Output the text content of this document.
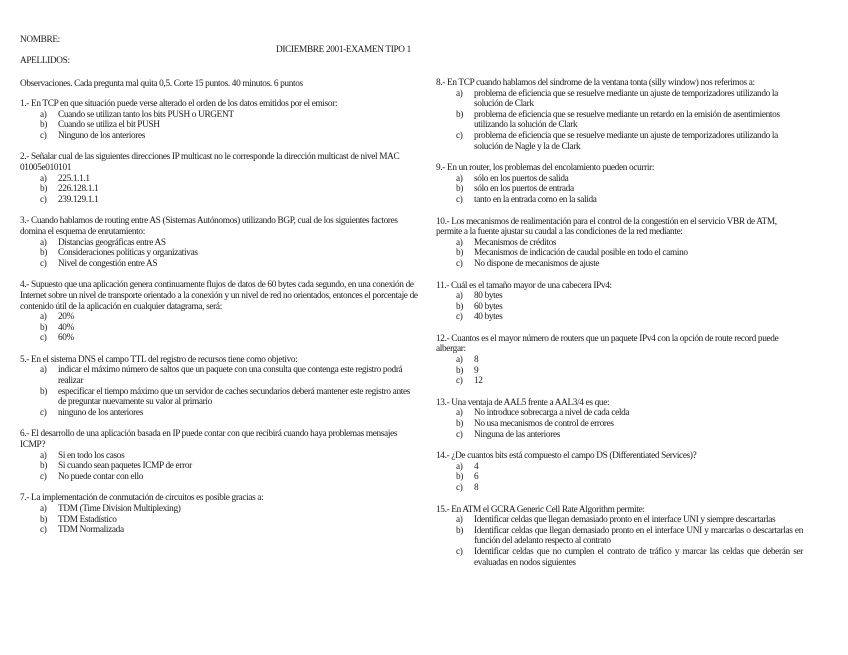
NOMBRE:
DICIEMBRE 2001-EXAMEN TIPO 1
APELLIDOS:
Observaciones. Cada pregunta mal quita 0,5. Corte 15 puntos. 40 minutos. 6 puntos
1.- En TCP en que situación puede verse alterado el orden de los datos emitidos por el emisor:
a)	Cuando se utilizan tanto los bits PUSH o URGENT
b)	Cuando se utiliza el bit PUSH
c)	Ninguno de los anteriores
2.- Señalar cual de las siguientes direcciones IP multicast no le corresponde la dirección multicast de nivel MAC 01005e010101
a)	225.1.1.1
b)	226.128.1.1
c)	239.129.1.1
3.- Cuando hablamos de routing entre AS (Sistemas Autónomos) utilizando BGP, cual de los siguientes factores domina el esquema de enrutamiento:
a)	Distancias geográficas entre AS
b)	Consideraciones políticas y organizativas
c)	Nivel de congestión entre AS
4.- Supuesto que una aplicación genera continuamente flujos de datos de 60 bytes cada segundo, en una conexión de Internet sobre un nivel de transporte orientado a la conexión y un nivel de red no orientados, entonces el porcentaje de contenido útil de la aplicación en cualquier datagrama, será:
a)	20%
b)	40%
c)	60%
5.- En el sistema DNS el campo TTL del registro de recursos tiene como objetivo:
a)	indicar el máximo número de saltos que un paquete con una consulta que contenga este registro podrá realizar
b)	especificar el tiempo máximo que un servidor de caches secundarios deberá mantener este registro antes de preguntar nuevamente su valor al primario
c)	ninguno de los anteriores
6.- El desarrollo de una aplicación basada en IP puede contar con que recibirá cuando haya problemas mensajes ICMP?
a)	Si en todo los casos
b)	Si cuando sean paquetes ICMP de error
c)	No puede contar con ello
7.- La implementación de conmutación de circuitos es posible gracias a:
a)	TDM (Time Division Multiplexing)
b)	TDM Estadístico
c)	TDM Normalizada
8.- En TCP cuando hablamos del síndrome de la ventana tonta (silly window) nos referimos a:
a)	problema de eficiencia que se resuelve mediante un ajuste de temporizadores utilizando la solución de Clark
b)	problema de eficiencia que se resuelve mediante un retardo en la emisión de asentimientos utilizando la solución de Clark
c)	problema de eficiencia que se resuelve mediante un ajuste de temporizadores utilizando la solución de Nagle y la de Clark
9.- En un router, los problemas del encolamiento pueden ocurrir:
a)	sólo en los puertos de salida
b)	sólo en los puertos de entrada
c)	tanto en la entrada como en la salida
10.- Los mecanismos de realimentación para el control de la congestión en el servicio VBR de ATM, permite a la fuente ajustar su caudal a las condiciones de la red mediante:
a)	Mecanismos de créditos
b)	Mecanismos de indicación de caudal posible en todo el camino
c)	No dispone de mecanismos de ajuste
11.- Cuál es el tamaño mayor de una cabecera IPv4:
a)	80 bytes
b)	60 bytes
c)	40 bytes
12.- Cuantos es el mayor número de routers que un paquete IPv4 con la opción de route record puede albergar:
a)	8
b)	9
c)	12
13.- Una ventaja de AAL5 frente a AAL3/4 es que:
a)	No introduce sobrecarga a nivel de cada celda
b)	No usa mecanismos de control de errores
c)	Ninguna de las anteriores
14.- ¿De cuantos bits está compuesto el campo DS (Differentiated Services)?
a)	4
b)	6
c)	8
15.- En ATM el GCRA Generic Cell Rate Algorithm permite:
a)	Identificar celdas que llegan demasiado pronto en el interface UNI y siempre descartarlas
b)	Identificar celdas que llegan demasiado pronto en el interface UNI y marcarlas o descartarlas en función del adelanto respecto al contrato
c)	Identificar celdas que no cumplen el contrato de tráfico y marcar las celdas que deberán ser evaluadas en nodos siguientes
